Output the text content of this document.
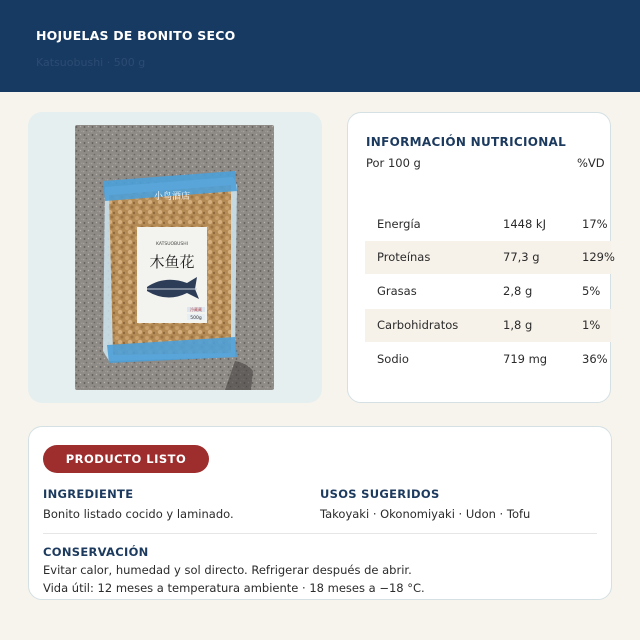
HOJUELAS DE BONITO SECO
Katsuobushi · 500 g
小鸟酒店
KATSUOBUSHI
木鱼花
冷藏藏
500g
INFORMACIÓN NUTRICIONAL
Por 100 g	%VD
Energía	1448 kJ	17%
Proteínas	77,3 g	129%
Grasas	2,8 g	5%
Carbohidratos	1,8 g	1%
Sodio	719 mg	36%
PRODUCTO LISTO
INGREDIENTE
Bonito listado cocido y laminado.
USOS SUGERIDOS
Takoyaki · Okonomiyaki · Udon · Tofu
CONSERVACIÓN
Evitar calor, humedad y sol directo. Refrigerar después de abrir.
Vida útil: 12 meses a temperatura ambiente · 18 meses a −18 °C.
